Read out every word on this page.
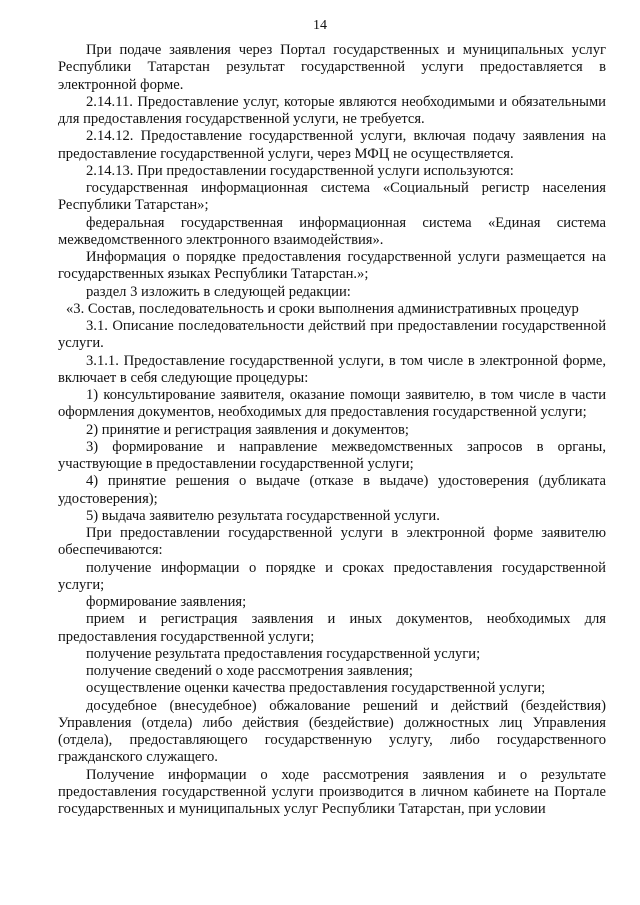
14

При подаче заявления через Портал государственных и муниципальных услуг Республики Татарстан результат государственной услуги предоставляется в электронной форме.

2.14.11. Предоставление услуг, которые являются необходимыми и обязательными для предоставления государственной услуги, не требуется.

2.14.12. Предоставление государственной услуги, включая подачу заявления на предоставление государственной услуги, через МФЦ не осуществляется.

2.14.13. При предоставлении государственной услуги используются:

государственная информационная система «Социальный регистр населения Республики Татарстан»;

федеральная государственная информационная система «Единая система межведомственного электронного взаимодействия».

Информация о порядке предоставления государственной услуги размещается на государственных языках Республики Татарстан.»;

раздел 3 изложить в следующей редакции:

«3. Состав, последовательность и сроки выполнения административных процедур

3.1. Описание последовательности действий при предоставлении государственной услуги.

3.1.1. Предоставление государственной услуги, в том числе в электронной форме, включает в себя следующие процедуры:

1) консультирование заявителя, оказание помощи заявителю, в том числе в части оформления документов, необходимых для предоставления государственной услуги;

2) принятие и регистрация заявления и документов;

3) формирование и направление межведомственных запросов в органы, участвующие в предоставлении государственной услуги;

4) принятие решения о выдаче (отказе в выдаче) удостоверения (дубликата удостоверения);

5) выдача заявителю результата государственной услуги.

При предоставлении государственной услуги в электронной форме заявителю обеспечиваются:

получение информации о порядке и сроках предоставления государственной услуги;

формирование заявления;

прием и регистрация заявления и иных документов, необходимых для предоставления государственной услуги;

получение результата предоставления государственной услуги;

получение сведений о ходе рассмотрения заявления;

осуществление оценки качества предоставления государственной услуги;

досудебное (внесудебное) обжалование решений и действий (бездействия) Управления (отдела) либо действия (бездействие) должностных лиц Управления (отдела), предоставляющего государственную услугу, либо государственного гражданского служащего.

Получение информации о ходе рассмотрения заявления и о результате предоставления государственной услуги производится в личном кабинете на Портале государственных и муниципальных услуг Республики Татарстан, при условии
